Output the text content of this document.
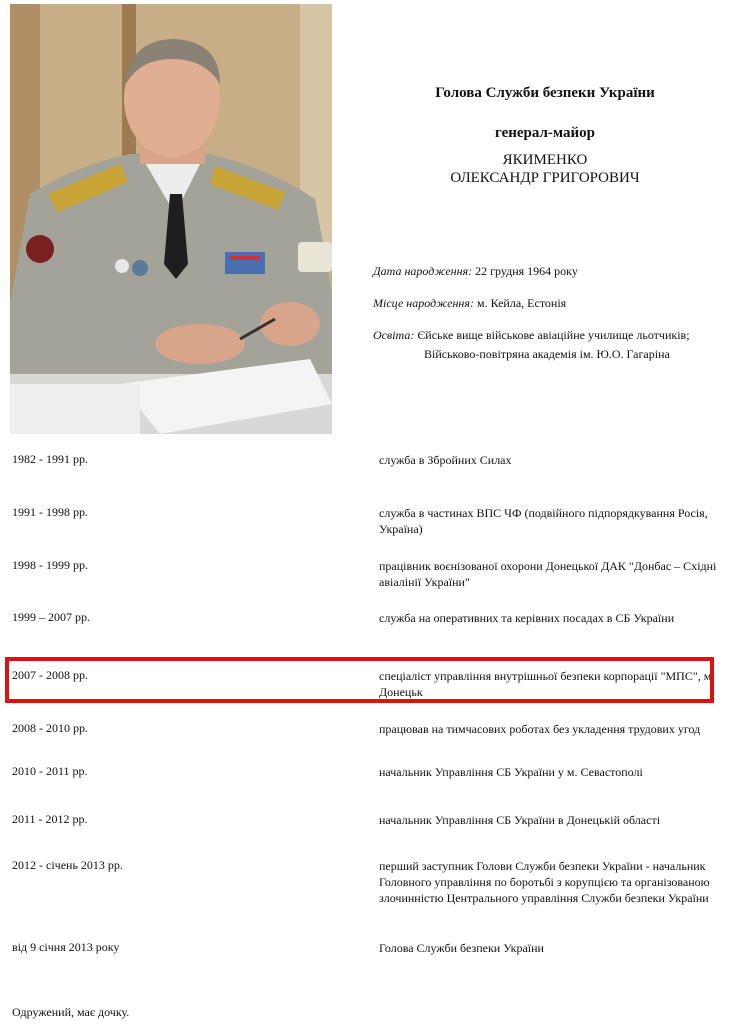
Голова Служби безпеки України
генерал-майор
ЯКИМЕНКО
ОЛЕКСАНДР ГРИГОРОВИЧ
Дата народження: 22 грудня 1964 року
Місце народження: м. Кейла, Естонія
Освіта: Єйське вище військове авіаційне училище льотчиків;
Військово-повітряна академія ім. Ю.О. Гагаріна
1982 - 1991 рр.	служба в Збройних Силах
1991 - 1998 рр.	служба в частинах ВПС ЧФ (подвійного підпорядкування Росія, Україна)
1998 - 1999 рр.	працівник воєнізованої охорони Донецької ДАК "Донбас – Східні авіалінії України"
1999 – 2007 рр.	служба на оперативних та керівних посадах в СБ України
2007 - 2008 рр.	спеціаліст управління внутрішньої безпеки корпорації "МПС", м. Донецьк
2008 - 2010 рр.	працював на тимчасових роботах без укладення трудових угод
2010 - 2011 рр.	начальник Управління СБ України у м. Севастополі
2011 - 2012 рр.	начальник Управління СБ України в Донецькій області
2012 - січень 2013 рр.	перший заступник Голови Служби безпеки України - начальник Головного управління по боротьбі з корупцією та організованою злочинністю Центрального управління Служби безпеки України
від 9 січня 2013 року	Голова Служби безпеки України
Одружений, має дочку.
